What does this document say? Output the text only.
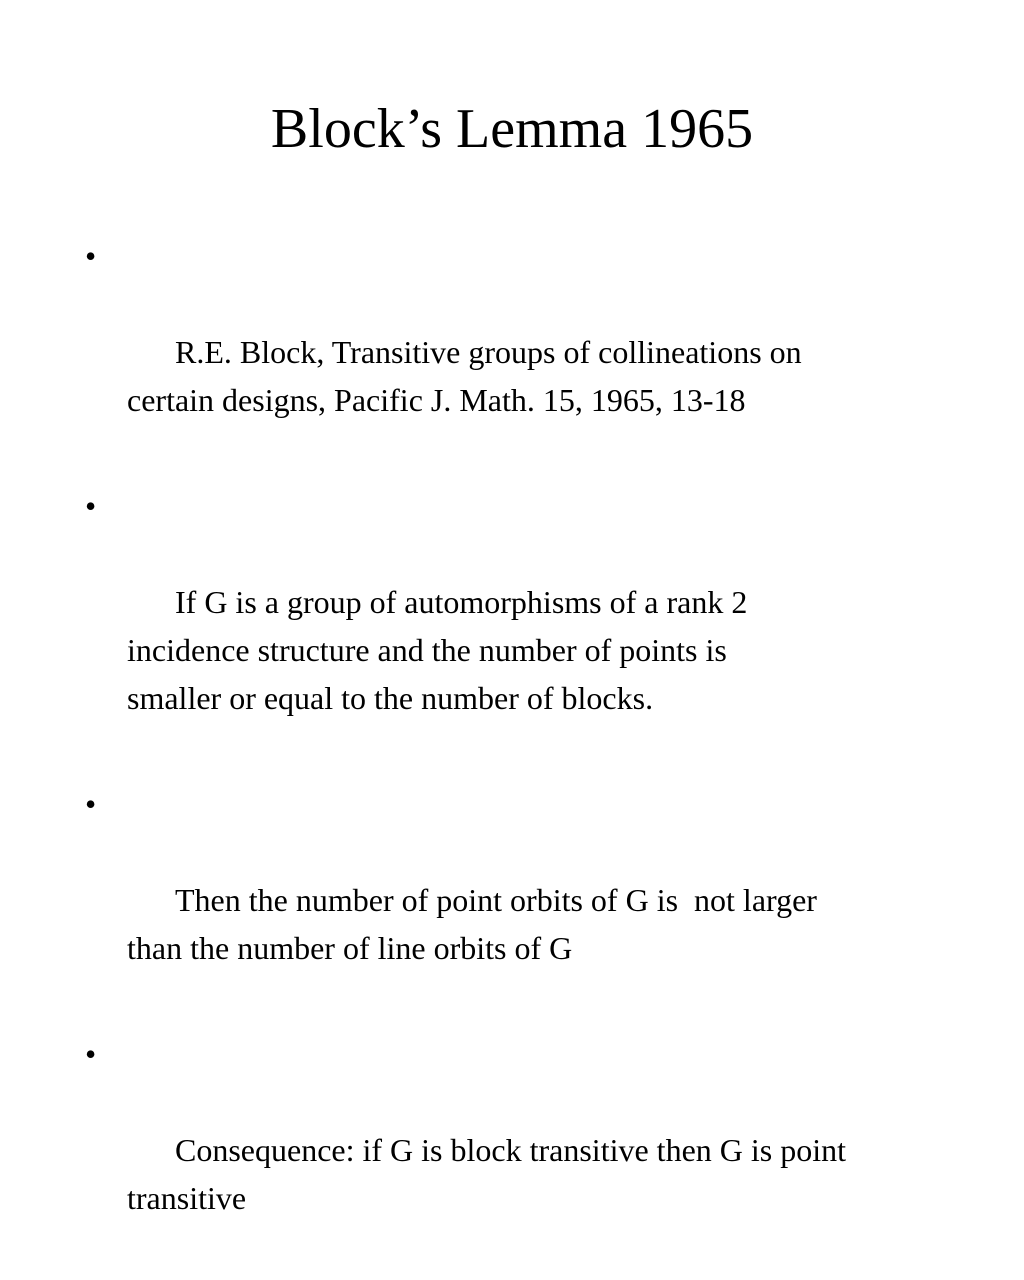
Block’s Lemma 1965

•

R.E. Block, Transitive groups of collineations on
certain designs, Pacific J. Math. 15, 1965, 13-18

•

If G is a group of automorphisms of a rank 2
incidence structure and the number of points is
smaller or equal to the number of blocks.

•

Then the number of point orbits of G is  not larger
than the number of line orbits of G

•

Consequence: if G is block transitive then G is point
transitive
